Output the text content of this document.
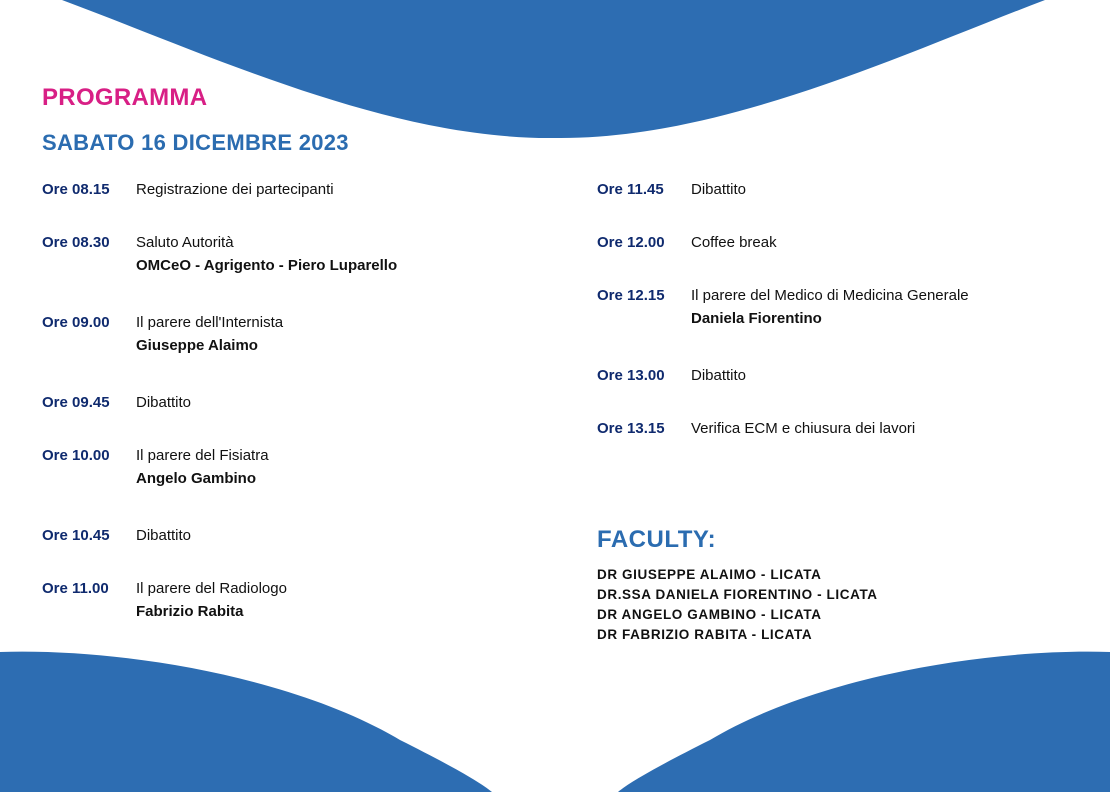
PROGRAMMA
SABATO 16 DICEMBRE 2023
Ore 08.15 Registrazione dei partecipanti
Ore 08.30 Saluto Autorità
OMCeO - Agrigento - Piero Luparello
Ore 09.00 Il parere dell'Internista
Giuseppe Alaimo
Ore 09.45 Dibattito
Ore 10.00 Il parere del Fisiatra
Angelo Gambino
Ore 10.45 Dibattito
Ore 11.00 Il parere del Radiologo
Fabrizio Rabita
Ore 11.45 Dibattito
Ore 12.00 Coffee break
Ore 12.15 Il parere del Medico di Medicina Generale
Daniela Fiorentino
Ore 13.00 Dibattito
Ore 13.15 Verifica ECM e chiusura dei lavori
FACULTY:
DR GIUSEPPE ALAIMO - LICATA
DR.SSA DANIELA FIORENTINO - LICATA
DR ANGELO GAMBINO - LICATA
DR FABRIZIO RABITA - LICATA
